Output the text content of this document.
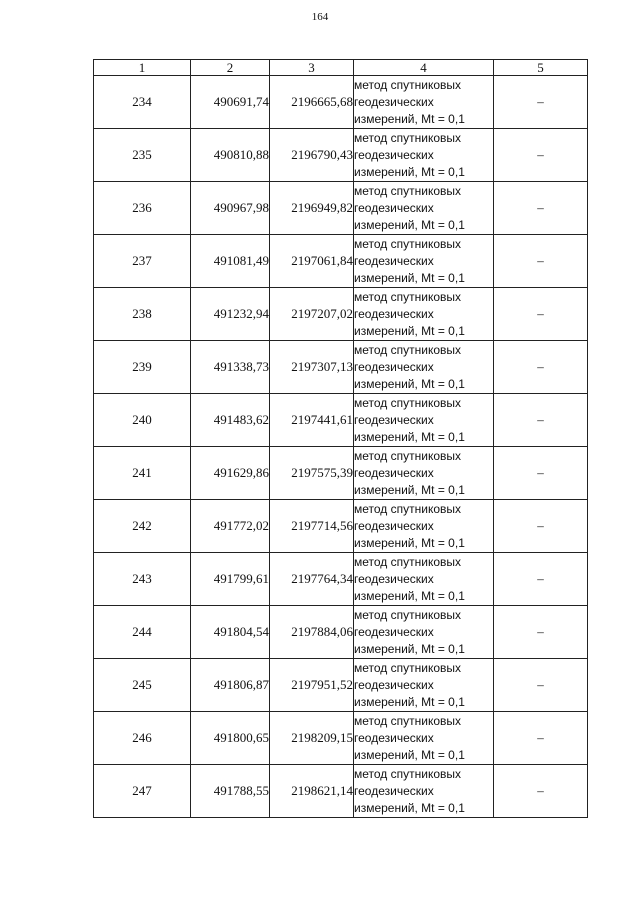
164
1	2	3	4	5
234	490691,74	2196665,68	метод спутниковых
геодезических
измерений, Mt = 0,1	–
235	490810,88	2196790,43	метод спутниковых
геодезических
измерений, Mt = 0,1	–
236	490967,98	2196949,82	метод спутниковых
геодезических
измерений, Mt = 0,1	–
237	491081,49	2197061,84	метод спутниковых
геодезических
измерений, Mt = 0,1	–
238	491232,94	2197207,02	метод спутниковых
геодезических
измерений, Mt = 0,1	–
239	491338,73	2197307,13	метод спутниковых
геодезических
измерений, Mt = 0,1	–
240	491483,62	2197441,61	метод спутниковых
геодезических
измерений, Mt = 0,1	–
241	491629,86	2197575,39	метод спутниковых
геодезических
измерений, Mt = 0,1	–
242	491772,02	2197714,56	метод спутниковых
геодезических
измерений, Mt = 0,1	–
243	491799,61	2197764,34	метод спутниковых
геодезических
измерений, Mt = 0,1	–
244	491804,54	2197884,06	метод спутниковых
геодезических
измерений, Mt = 0,1	–
245	491806,87	2197951,52	метод спутниковых
геодезических
измерений, Mt = 0,1	–
246	491800,65	2198209,15	метод спутниковых
геодезических
измерений, Mt = 0,1	–
247	491788,55	2198621,14	метод спутниковых
геодезических
измерений, Mt = 0,1	–
